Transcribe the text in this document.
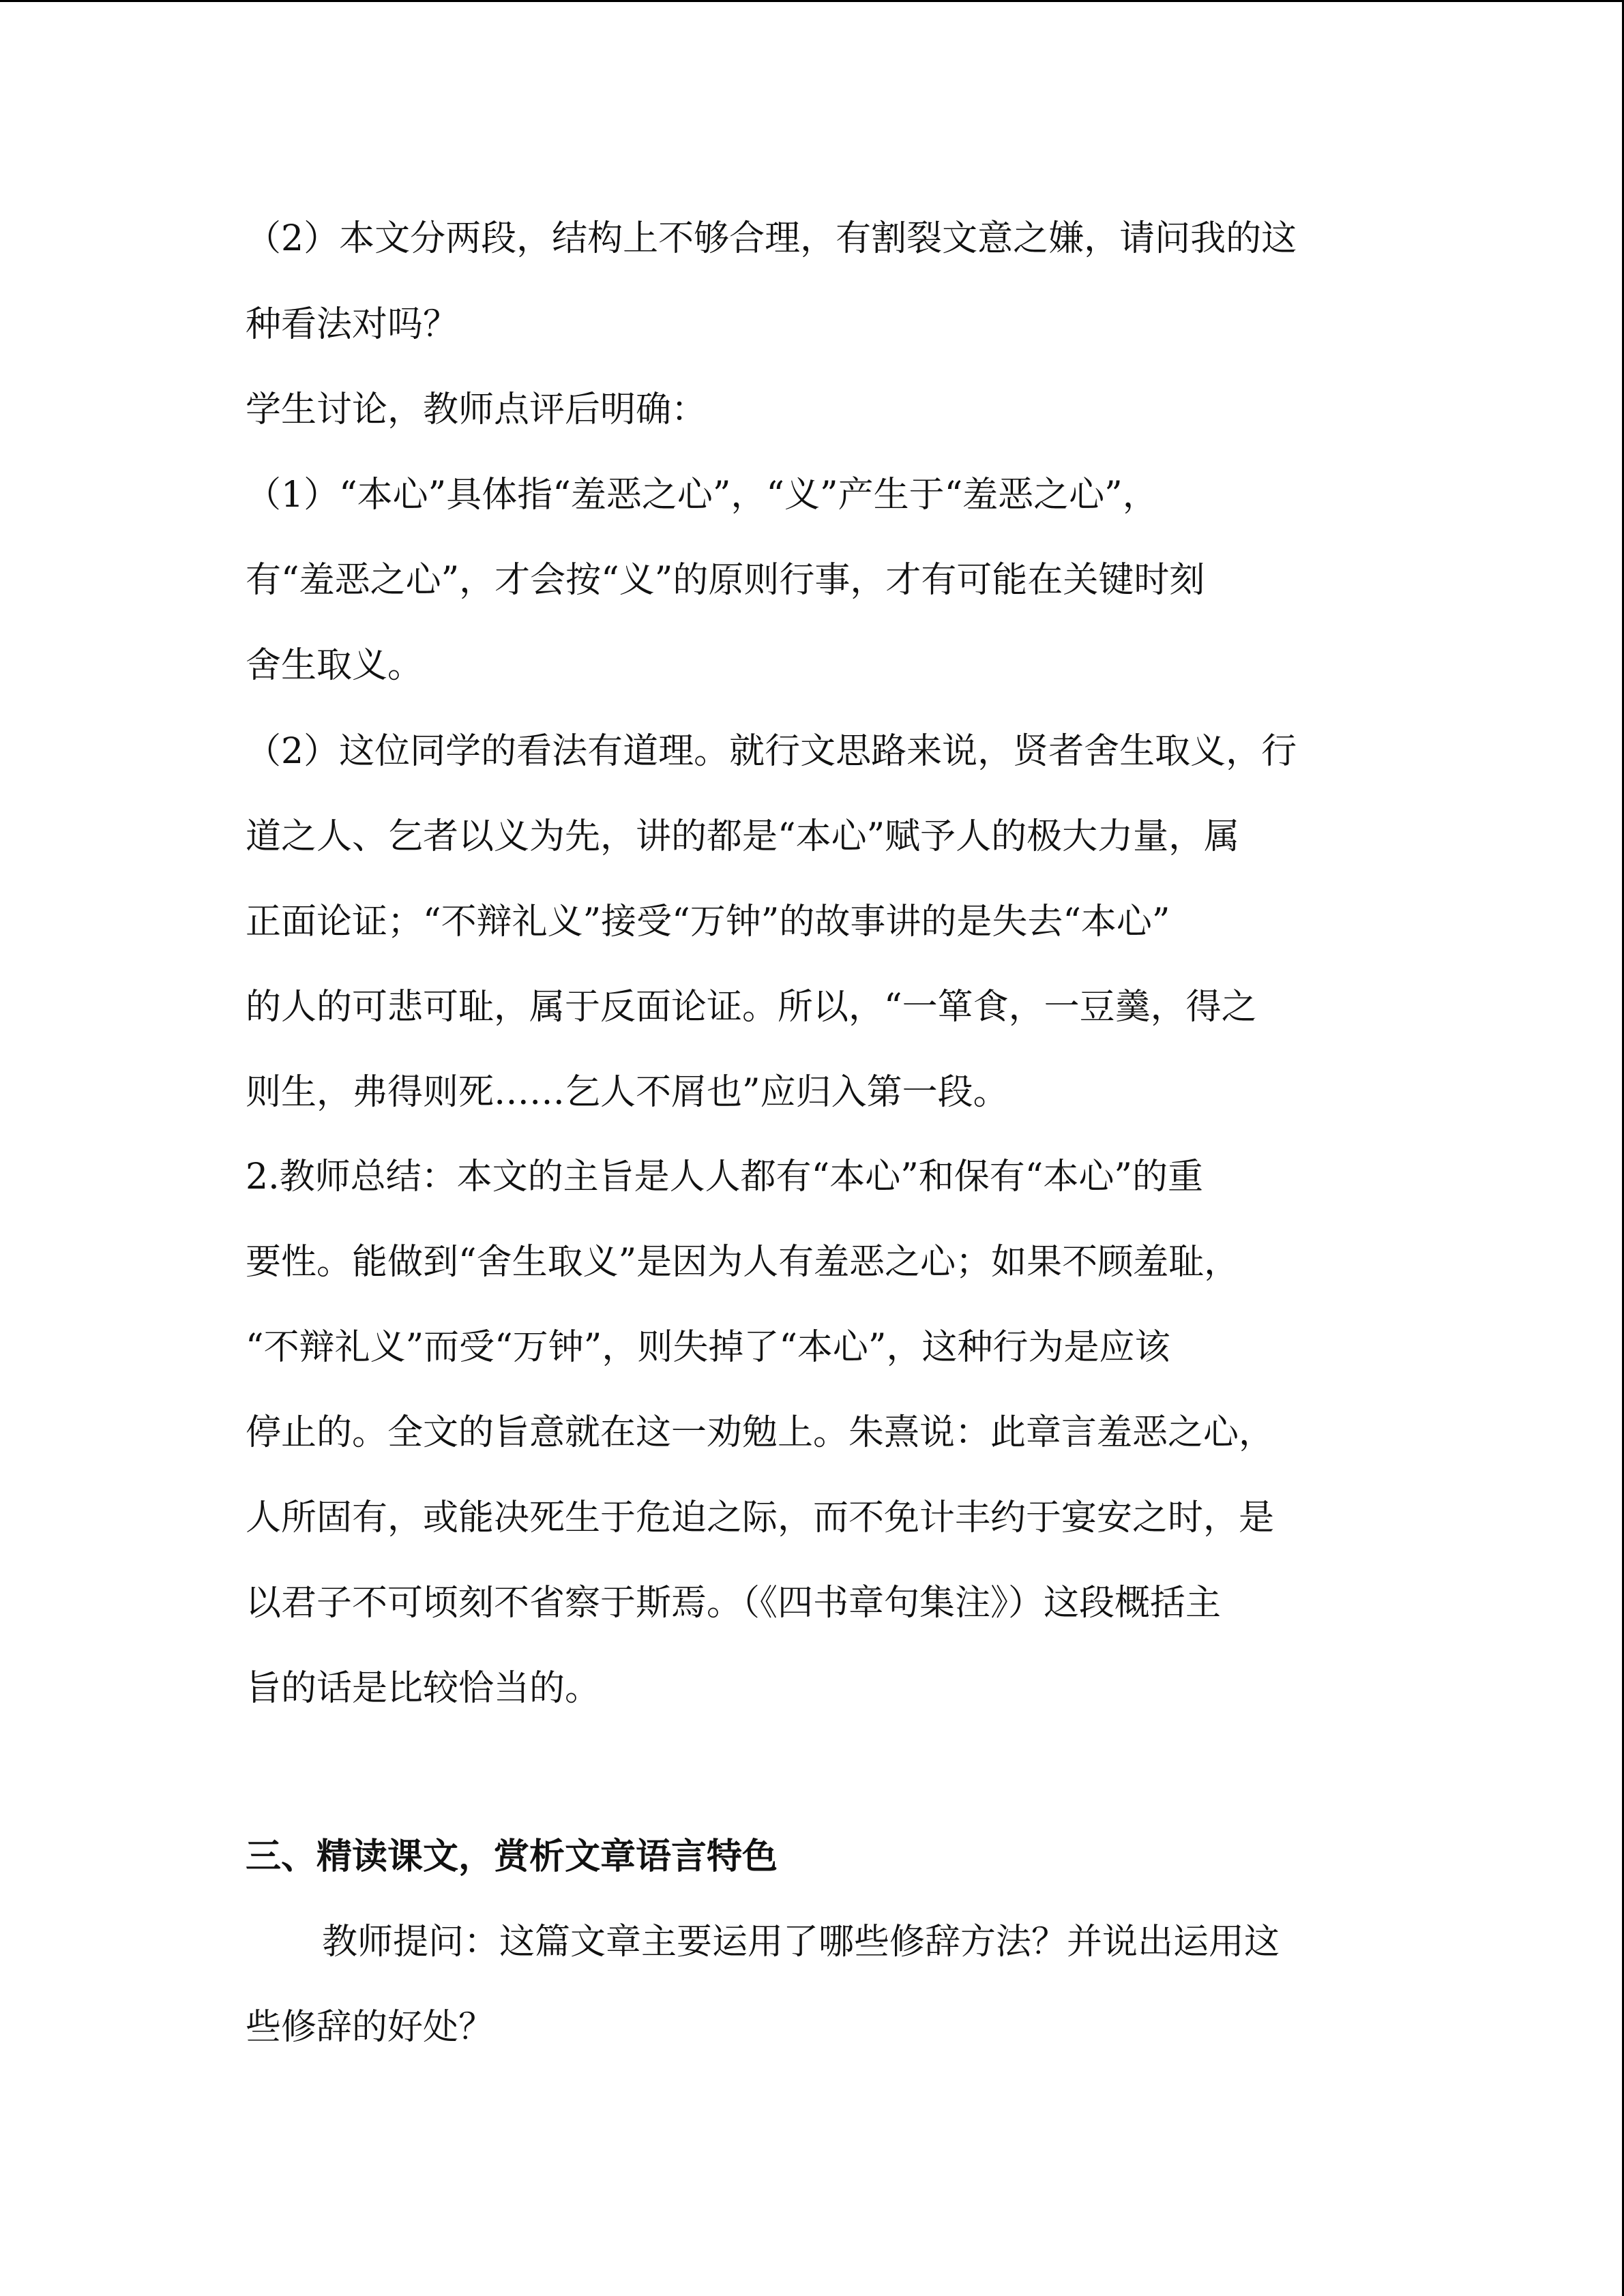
（2）本文分两段，结构上不够合理，有割裂文意之嫌，请问我的这
种看法对吗？
学生讨论，教师点评后明确：
（1）“本心”具体指“羞恶之心”，“义”产生于“羞恶之心”，
有“羞恶之心”，才会按“义”的原则行事，才有可能在关键时刻
舍生取义。
（2）这位同学的看法有道理。就行文思路来说，贤者舍生取义，行
道之人、乞者以义为先，讲的都是“本心”赋予人的极大力量，属
正面论证；“不辩礼义”接受“万钟”的故事讲的是失去“本心”
的人的可悲可耻，属于反面论证。所以，“一箪食，一豆羹，得之
则生，弗得则死……乞人不屑也”应归入第一段。
2.教师总结：本文的主旨是人人都有“本心”和保有“本心”的重
要性。能做到“舍生取义”是因为人有羞恶之心；如果不顾羞耻，
“不辩礼义”而受“万钟”，则失掉了“本心”，这种行为是应该
停止的。全文的旨意就在这一劝勉上。朱熹说：此章言羞恶之心，
人所固有，或能决死生于危迫之际，而不免计丰约于宴安之时，是
以君子不可顷刻不省察于斯焉。（《四书章句集注》）这段概括主
旨的话是比较恰当的。
三、精读课文，赏析文章语言特色
教师提问：这篇文章主要运用了哪些修辞方法？并说出运用这
些修辞的好处？
